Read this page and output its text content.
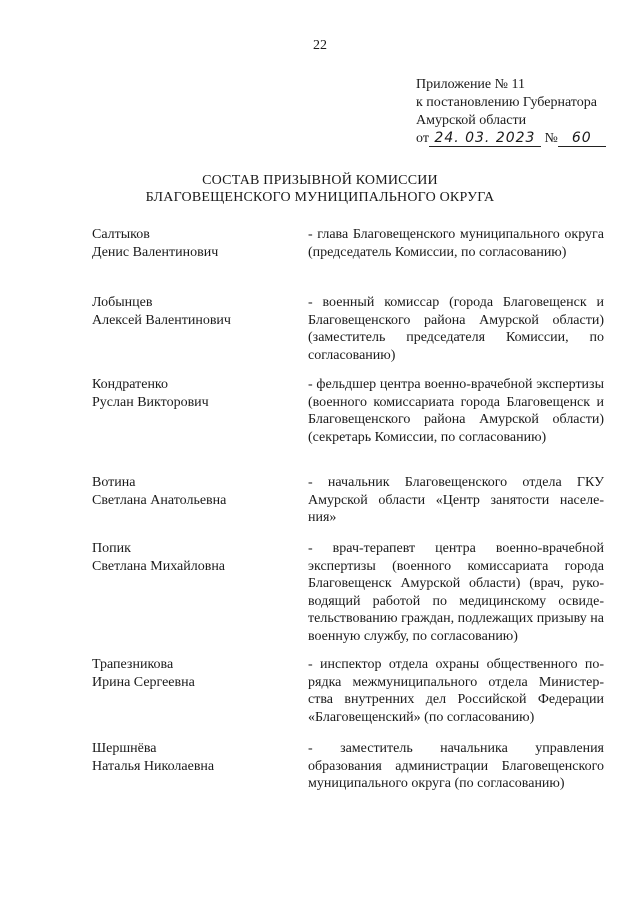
22
Приложение № 11
к постановлению Губернатора
Амурской области
от 24. 03. 2023 № 60
СОСТАВ ПРИЗЫВНОЙ КОМИССИИ
БЛАГОВЕЩЕНСКОГО МУНИЦИПАЛЬНОГО ОКРУГА
Салтыков
Денис Валентинович
- глава Благовещенского муниципального округа (председатель Комиссии, по согласованию)
Лобынцев
Алексей Валентинович
- военный комиссар (города Благовещенск и Благовещенского района Амурской области) (заместитель председателя Комиссии, по согласованию)
Кондратенко
Руслан Викторович
- фельдшер центра военно-врачебной экспертизы (военного комиссариата города Благовещенск и Благовещенского района Амурской области) (секретарь Комиссии, по согласованию)
Вотина
Светлана Анатольевна
- начальник Благовещенского отдела ГКУ Амурской области «Центр занятости населе-ния»
Попик
Светлана Михайловна
- врач-терапевт центра военно-врачебной экспертизы (военного комиссариата города Благовещенск Амурской области) (врач, руко-водящий работой по медицинскому освиде-тельствованию граждан, подлежащих призыву на военную службу, по согласованию)
Трапезникова
Ирина Сергеевна
- инспектор отдела охраны общественного по-рядка межмуниципального отдела Министер-ства внутренних дел Российской Федерации «Благовещенский» (по согласованию)
Шершнёва
Наталья Николаевна
- заместитель начальника управления образования администрации Благовещенского муниципального округа (по согласованию)
